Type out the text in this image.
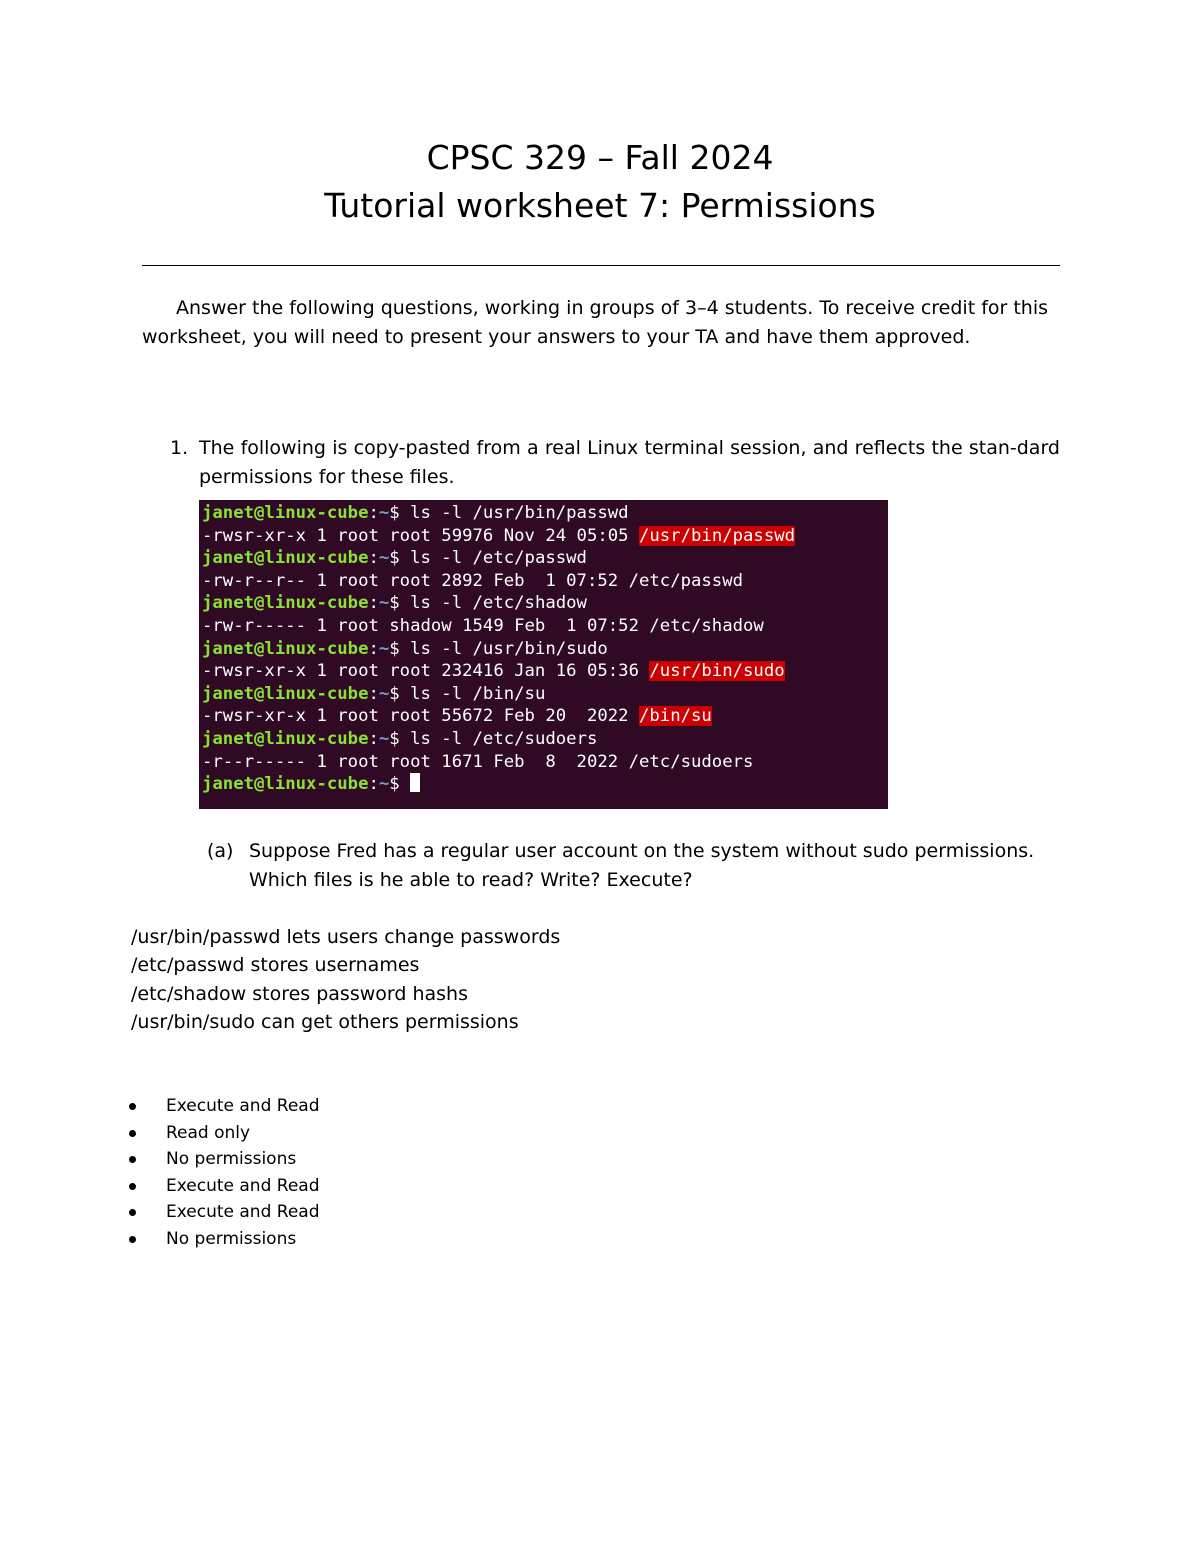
CPSC 329 – Fall 2024
Tutorial worksheet 7: Permissions

Answer the following questions, working in groups of 3–4 students. To receive credit for this worksheet, you will need to present your answers to your TA and have them approved.

1. The following is copy-pasted from a real Linux terminal session, and reflects the stan-dard permissions for these files.
janet@linux-cube:~$ ls -l /usr/bin/passwd
-rwsr-xr-x 1 root root 59976 Nov 24 05:05 /usr/bin/passwd
janet@linux-cube:~$ ls -l /etc/passwd
-rw-r--r-- 1 root root 2892 Feb  1 07:52 /etc/passwd
janet@linux-cube:~$ ls -l /etc/shadow
-rw-r----- 1 root shadow 1549 Feb  1 07:52 /etc/shadow
janet@linux-cube:~$ ls -l /usr/bin/sudo
-rwsr-xr-x 1 root root 232416 Jan 16 05:36 /usr/bin/sudo
janet@linux-cube:~$ ls -l /bin/su
-rwsr-xr-x 1 root root 55672 Feb 20  2022 /bin/su
janet@linux-cube:~$ ls -l /etc/sudoers
-r--r----- 1 root root 1671 Feb  8  2022 /etc/sudoers
janet@linux-cube:~$
(a) Suppose Fred has a regular user account on the system without sudo permissions. Which files is he able to read? Write? Execute?
/usr/bin/passwd lets users change passwords
/etc/passwd stores usernames
/etc/shadow stores password hashs
/usr/bin/sudo can get others permissions
Execute and Read
Read only
No permissions
Execute and Read
Execute and Read
No permissions
